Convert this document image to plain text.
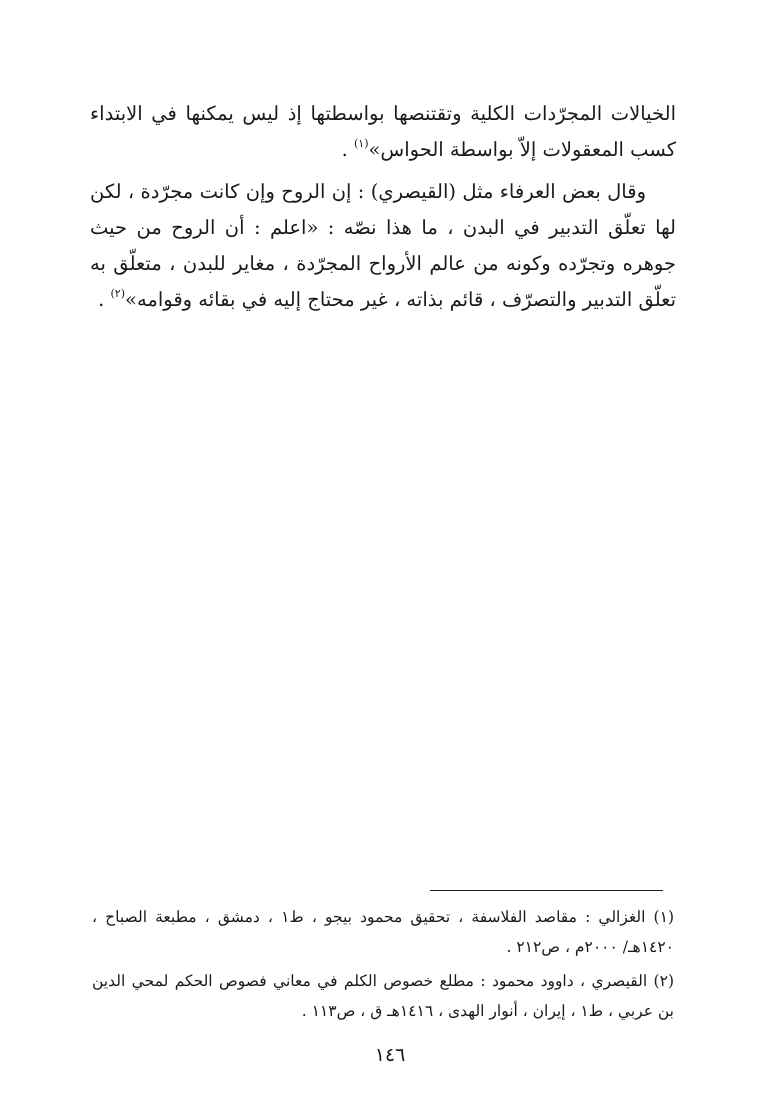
الخيالات المجرّدات الكلية وتقتنصها بواسطتها إذ ليس يمكنها في الابتداء كسب المعقولات إلاّ بواسطة الحواس»$^{(١)}$ .

وقال بعض العرفاء مثل (القيصري) : إن الروح وإن كانت مجرّدة ، لكن لها تعلّق التدبير في البدن ، ما هذا نصّه : «اعلم : أن الروح من حيث جوهره وتجرّده وكونه من عالم الأرواح المجرّدة ، مغاير للبدن ، متعلّق به تعلّق التدبير والتصرّف ، قائم بذاته ، غير محتاج إليه في بقائه وقوامه»$^{(٢)}$ .

(١) الغزالي : مقاصد الفلاسفة ، تحقيق محمود بيجو ، ط١ ، دمشق ، مطبعة الصباح ، ١٤٢٠هـ/ ٢٠٠٠م ، ص٢١٢ .

(٢) القيصري ، داوود محمود : مطلع خصوص الكلم في معاني فصوص الحكم لمحي الدين بن عربي ، ط١ ، إيران ، أنوار الهدى ، ١٤١٦هـ ق ، ص١١٣ .

١٤٦
